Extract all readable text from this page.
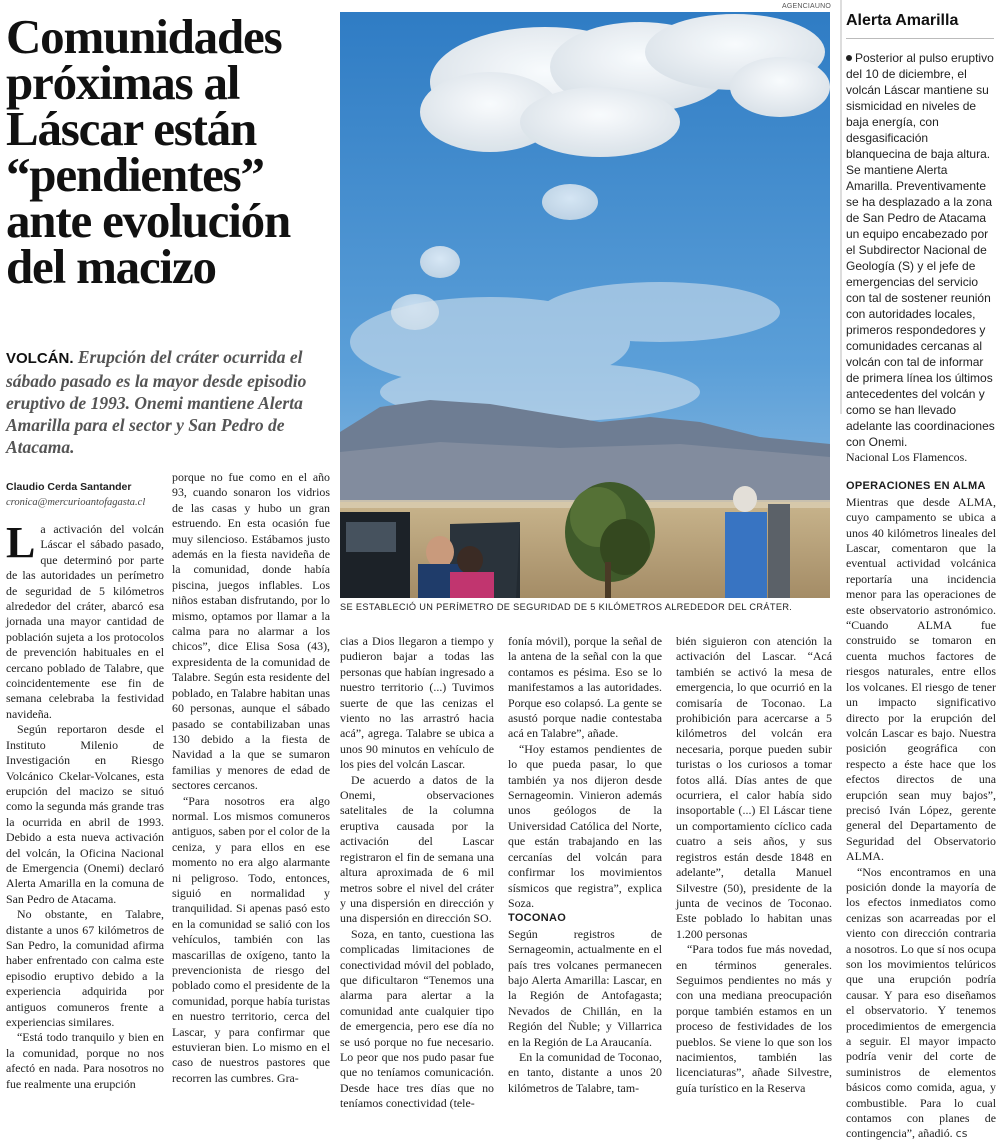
Comunidades próximas al Láscar están “pendientes” ante evolución del macizo
VOLCÁN. Erupción del cráter ocurrida el sábado pasado es la mayor desde episodio eruptivo de 1993. Onemi mantiene Alerta Amarilla para el sector y San Pedro de Atacama.
Claudio Cerda Santander
cronica@mercurioantofagasta.cl
AGENCIAUNO
SE ESTABLECIÓ UN PERÍMETRO DE SEGURIDAD DE 5 KILÓMETROS ALREDEDOR DEL CRÁTER.
Alerta Amarilla
Posterior al pulso eruptivo del 10 de diciembre, el volcán Láscar mantiene su sismicidad en niveles de baja energía, con desgasificación blanquecina de baja altura. Se mantiene Alerta Amarilla. Preventivamente se ha desplazado a la zona de San Pedro de Atacama un equipo encabezado por el Subdirector Nacional de Geología (S) y el jefe de emergencias del servicio con tal de sostener reunión con autoridades locales, primeros respondedores y comunidades cercanas al volcán con tal de informar de primera línea los últimos antecedentes del volcán y como se han llevado adelante las coordinaciones con Onemi.

La activación del volcán Láscar el sábado pasado, que determinó por parte de las autoridades un perímetro de seguridad de 5 kilómetros alrededor del cráter, abarcó esa jornada una mayor cantidad de población sujeta a los protocolos de prevención habituales en el cercano poblado de Talabre, que coincidentemente ese fin de semana celebraba la festividad navideña.

Según reportaron desde el Instituto Milenio de Investigación en Riesgo Volcánico Ckelar-Volcanes, esta erupción del macizo se situó como la segunda más grande tras la ocurrida en abril de 1993. Debido a esta nueva activación del volcán, la Oficina Nacional de Emergencia (Onemi) declaró Alerta Amarilla en la comuna de San Pedro de Atacama.

No obstante, en Talabre, distante a unos 67 kilómetros de San Pedro, la comunidad afirma haber enfrentado con calma este episodio eruptivo debido a la experiencia adquirida por antiguos comuneros frente a experiencias similares.

“Está todo tranquilo y bien en la comunidad, porque no nos afectó en nada. Para nosotros no fue realmente una erupción

porque no fue como en el año 93, cuando sonaron los vidrios de las casas y hubo un gran estruendo. En esta ocasión fue muy silencioso. Estábamos justo además en la fiesta navideña de la comunidad, donde había piscina, juegos inflables. Los niños estaban disfrutando, por lo mismo, optamos por llamar a la calma para no alarmar a los chicos”, dice Elisa Sosa (43), expresidenta de la comunidad de Talabre. Según esta residente del poblado, en Talabre habitan unas 60 personas, aunque el sábado pasado se contabilizaban unas 130 debido a la fiesta de Navidad a la que se sumaron familias y menores de edad de sectores cercanos.

“Para nosotros era algo normal. Los mismos comuneros antiguos, saben por el color de la ceniza, y para ellos en ese momento no era algo alarmante ni peligroso. Todo, entonces, siguió en normalidad y tranquilidad. Si apenas pasó esto en la comunidad se salió con los vehículos, también con las mascarillas de oxígeno, tanto la prevencionista de riesgo del poblado como el presidente de la comunidad, porque había turistas en nuestro territorio, cerca del Lascar, y para confirmar que estuvieran bien. Lo mismo en el caso de nuestros pastores que recorren las cumbres. Gra-

cias a Dios llegaron a tiempo y pudieron bajar a todas las personas que habían ingresado a nuestro territorio (...) Tuvimos suerte de que las cenizas el viento no las arrastró hacia acá”, agrega. Talabre se ubica a unos 90 minutos en vehículo de los pies del volcán Lascar.

De acuerdo a datos de la Onemi, observaciones satelitales de la columna eruptiva causada por la activación del Lascar registraron el fin de semana una altura aproximada de 6 mil metros sobre el nivel del cráter y una dispersión en dirección y una dispersión en dirección SO.

Soza, en tanto, cuestiona las complicadas limitaciones de conectividad móvil del poblado, que dificultaron “Tenemos una alarma para alertar a la comunidad ante cualquier tipo de emergencia, pero ese día no se usó porque no fue necesario. Lo peor que nos pudo pasar fue que no teníamos comunicación. Desde hace tres días que no teníamos conectividad (tele-

fonía móvil), porque la señal de la antena de la señal con la que contamos es pésima. Eso se lo manifestamos a las autoridades. Porque eso colapsó. La gente se asustó porque nadie contestaba acá en Talabre”, añade.

“Hoy estamos pendientes de lo que pueda pasar, lo que también ya nos dijeron desde Sernageomin. Vinieron además unos geólogos de la Universidad Católica del Norte, que están trabajando en las cercanías del volcán para confirmar los movimientos sísmicos que registra”, explica Soza.

TOCONAO

Según registros de Sernageomin, actualmente en el país tres volcanes permanecen bajo Alerta Amarilla: Lascar, en la Región de Antofagasta; Nevados de Chillán, en la Región del Ñuble; y Villarrica en la Región de La Araucanía.

En la comunidad de Toconao, en tanto, distante a unos 20 kilómetros de Talabre, tam-

bién siguieron con atención la activación del Lascar. “Acá también se activó la mesa de emergencia, lo que ocurrió en la comisaría de Toconao. La prohibición para acercarse a 5 kilómetros del volcán era necesaria, porque pueden subir turistas o los curiosos a tomar fotos allá. Días antes de que ocurriera, el calor había sido insoportable (...) El Láscar tiene un comportamiento cíclico cada cuatro a seis años, y sus registros están desde 1848 en adelante”, detalla Manuel Silvestre (50), presidente de la junta de vecinos de Toconao. Este poblado lo habitan unas 1.200 personas

“Para todos fue más novedad, en términos generales. Seguimos pendientes no más y con una mediana preocupación porque también estamos en un proceso de festividades de los pueblos. Se viene lo que son los nacimientos, también las licenciaturas”, añade Silvestre, guía turístico en la Reserva

Nacional Los Flamencos.

OPERACIONES EN ALMA

Mientras que desde ALMA, cuyo campamento se ubica a unos 40 kilómetros lineales del Lascar, comentaron que la eventual actividad volcánica reportaría una incidencia menor para las operaciones de este observatorio astronómico. “Cuando ALMA fue construido se tomaron en cuenta muchos factores de riesgos naturales, entre ellos los volcanes. El riesgo de tener un impacto significativo directo por la erupción del volcán Lascar es bajo. Nuestra posición geográfica con respecto a éste hace que los efectos directos de una erupción sean muy bajos”, precisó Iván López, gerente general del Departamento de Seguridad del Observatorio ALMA.

“Nos encontramos en una posición donde la mayoría de los efectos inmediatos como cenizas son acarreadas por el viento con dirección contraria a nosotros. Lo que sí nos ocupa son los movimientos telúricos que una erupción podría causar. Y para eso diseñamos el observatorio. Y tenemos procedimientos de emergencia a seguir. El mayor impacto podría venir del corte de suministros de elementos básicos como comida, agua, y combustible. Para lo cual contamos con planes de contingencia”, añadió. cs
